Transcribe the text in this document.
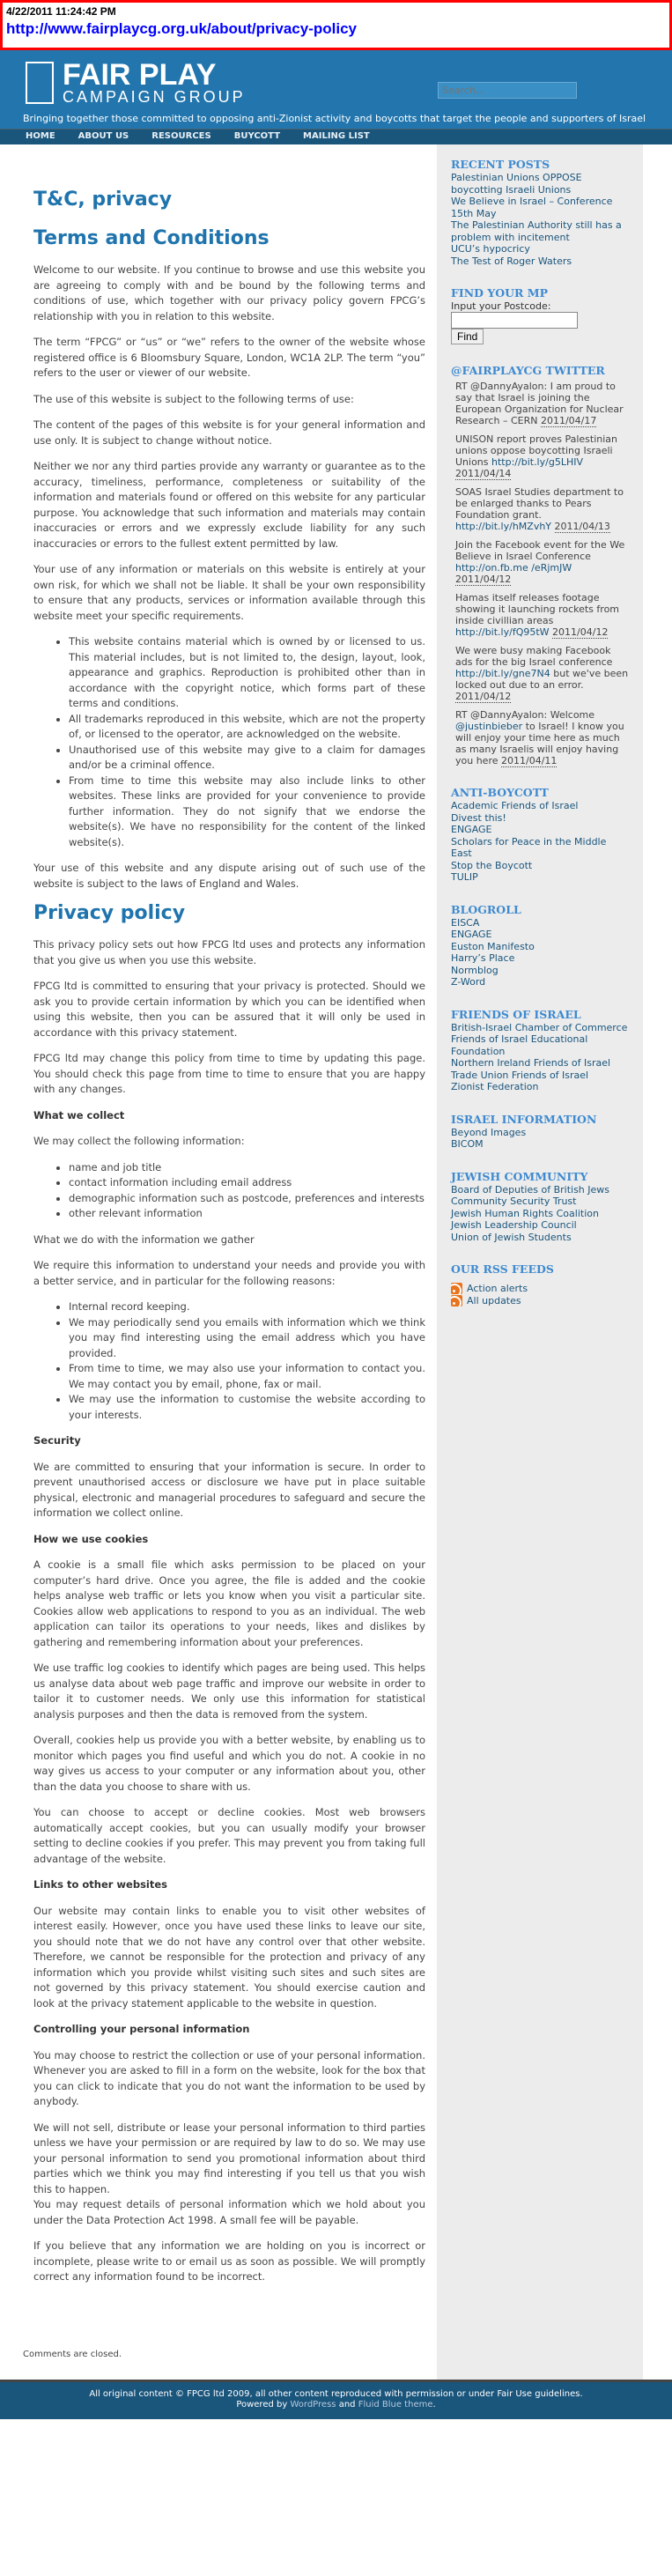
4/22/2011 11:24:42 PM
http://www.fairplaycg.org.uk/about/privacy-policy
FAIR PLAY
CAMPAIGN GROUP
Search...
Bringing together those committed to opposing anti-Zionist activity and boycotts that target the people and supporters of Israel
HOME	ABOUT US	RESOURCES	BUYCOTT	MAILING LIST
T&C, privacy
Terms and Conditions

Welcome to our website. If you continue to browse and use this website you are agreeing to comply with and be bound by the following terms and conditions of use, which together with our privacy policy govern FPCG’s relationship with you in relation to this website.

The term “FPCG” or “us” or “we” refers to the owner of the website whose registered office is 6 Bloomsbury Square, London, WC1A 2LP. The term “you” refers to the user or viewer of our website.

The use of this website is subject to the following terms of use:

The content of the pages of this website is for your general information and use only. It is subject to change without notice.

Neither we nor any third parties provide any warranty or guarantee as to the accuracy, timeliness, performance, completeness or suitability of the information and materials found or offered on this website for any particular purpose. You acknowledge that such information and materials may contain inaccuracies or errors and we expressly exclude liability for any such inaccuracies or errors to the fullest extent permitted by law.

Your use of any information or materials on this website is entirely at your own risk, for which we shall not be liable. It shall be your own responsibility to ensure that any products, services or information available through this website meet your specific requirements.

• This website contains material which is owned by or licensed to us. This material includes, but is not limited to, the design, layout, look, appearance and graphics. Reproduction is prohibited other than in accordance with the copyright notice, which forms part of these terms and conditions.
• All trademarks reproduced in this website, which are not the property of, or licensed to the operator, are acknowledged on the website.
• Unauthorised use of this website may give to a claim for damages and/or be a criminal offence.
• From time to time this website may also include links to other websites. These links are provided for your convenience to provide further information. They do not signify that we endorse the website(s). We have no responsibility for the content of the linked website(s).

Your use of this website and any dispute arising out of such use of the website is subject to the laws of England and Wales.

Privacy policy

This privacy policy sets out how FPCG ltd uses and protects any information that you give us when you use this website.

FPCG ltd is committed to ensuring that your privacy is protected. Should we ask you to provide certain information by which you can be identified when using this website, then you can be assured that it will only be used in accordance with this privacy statement.

FPCG ltd may change this policy from time to time by updating this page. You should check this page from time to time to ensure that you are happy with any changes.

What we collect

We may collect the following information:

• name and job title
• contact information including email address
• demographic information such as postcode, preferences and interests
• other relevant information

What we do with the information we gather

We require this information to understand your needs and provide you with a better service, and in particular for the following reasons:

• Internal record keeping.
• We may periodically send you emails with information which we think you may find interesting using the email address which you have provided.
• From time to time, we may also use your information to contact you. We may contact you by email, phone, fax or mail.
• We may use the information to customise the website according to your interests.

Security

We are committed to ensuring that your information is secure. In order to prevent unauthorised access or disclosure we have put in place suitable physical, electronic and managerial procedures to safeguard and secure the information we collect online.

How we use cookies

A cookie is a small file which asks permission to be placed on your computer’s hard drive. Once you agree, the file is added and the cookie helps analyse web traffic or lets you know when you visit a particular site. Cookies allow web applications to respond to you as an individual. The web application can tailor its operations to your needs, likes and dislikes by gathering and remembering information about your preferences.

We use traffic log cookies to identify which pages are being used. This helps us analyse data about web page traffic and improve our website in order to tailor it to customer needs. We only use this information for statistical analysis purposes and then the data is removed from the system.

Overall, cookies help us provide you with a better website, by enabling us to monitor which pages you find useful and which you do not. A cookie in no way gives us access to your computer or any information about you, other than the data you choose to share with us.

You can choose to accept or decline cookies. Most web browsers automatically accept cookies, but you can usually modify your browser setting to decline cookies if you prefer. This may prevent you from taking full advantage of the website.

Links to other websites

Our website may contain links to enable you to visit other websites of interest easily. However, once you have used these links to leave our site, you should note that we do not have any control over that other website. Therefore, we cannot be responsible for the protection and privacy of any information which you provide whilst visiting such sites and such sites are not governed by this privacy statement. You should exercise caution and look at the privacy statement applicable to the website in question.

Controlling your personal information

You may choose to restrict the collection or use of your personal information. Whenever you are asked to fill in a form on the website, look for the box that you can click to indicate that you do not want the information to be used by anybody.

We will not sell, distribute or lease your personal information to third parties unless we have your permission or are required by law to do so. We may use your personal information to send you promotional information about third parties which we think you may find interesting if you tell us that you wish this to happen.
You may request details of personal information which we hold about you under the Data Protection Act 1998. A small fee will be payable.

If you believe that any information we are holding on you is incorrect or incomplete, please write to or email us as soon as possible. We will promptly correct any information found to be incorrect.

Comments are closed.
RECENT POSTS
Palestinian Unions OPPOSE boycotting Israeli Unions
We Believe in Israel – Conference 15th May
The Palestinian Authority still has a problem with incitement
UCU’s hypocricy
The Test of Roger Waters
FIND YOUR MP
Input your Postcode:
Find
@FAIRPLAYCG TWITTER
RT @DannyAyalon: I am proud to say that Israel is joining the European Organization for Nuclear Research – CERN 2011/04/17
UNISON report proves Palestinian unions oppose boycotting Israeli Unions http://bit.ly/g5LHIV 2011/04/14
SOAS Israel Studies department to be enlarged thanks to Pears Foundation grant. http://bit.ly/hMZvhY 2011/04/13
Join the Facebook event for the We Believe in Israel Conference http://on.fb.me /eRjmJW 2011/04/12
Hamas itself releases footage showing it launching rockets from inside civillian areas http://bit.ly/fQ95tW 2011/04/12
We were busy making Facebook ads for the big Israel conference http://bit.ly/gne7N4 but we've been locked out due to an error. 2011/04/12
RT @DannyAyalon: Welcome @justinbieber to Israel! I know you will enjoy your time here as much as many Israelis will enjoy having you here 2011/04/11
ANTI-BOYCOTT
Academic Friends of Israel
Divest this!
ENGAGE
Scholars for Peace in the Middle East
Stop the Boycott
TULIP
BLOGROLL
EISCA
ENGAGE
Euston Manifesto
Harry’s Place
Normblog
Z-Word
FRIENDS OF ISRAEL
British-Israel Chamber of Commerce
Friends of Israel Educational Foundation
Northern Ireland Friends of Israel
Trade Union Friends of Israel
Zionist Federation
ISRAEL INFORMATION
Beyond Images
BICOM
JEWISH COMMUNITY
Board of Deputies of British Jews
Community Security Trust
Jewish Human Rights Coalition
Jewish Leadership Council
Union of Jewish Students
OUR RSS FEEDS
Action alerts
All updates
All original content © FPCG ltd 2009, all other content reproduced with permission or under Fair Use guidelines.
Powered by WordPress and Fluid Blue theme.
